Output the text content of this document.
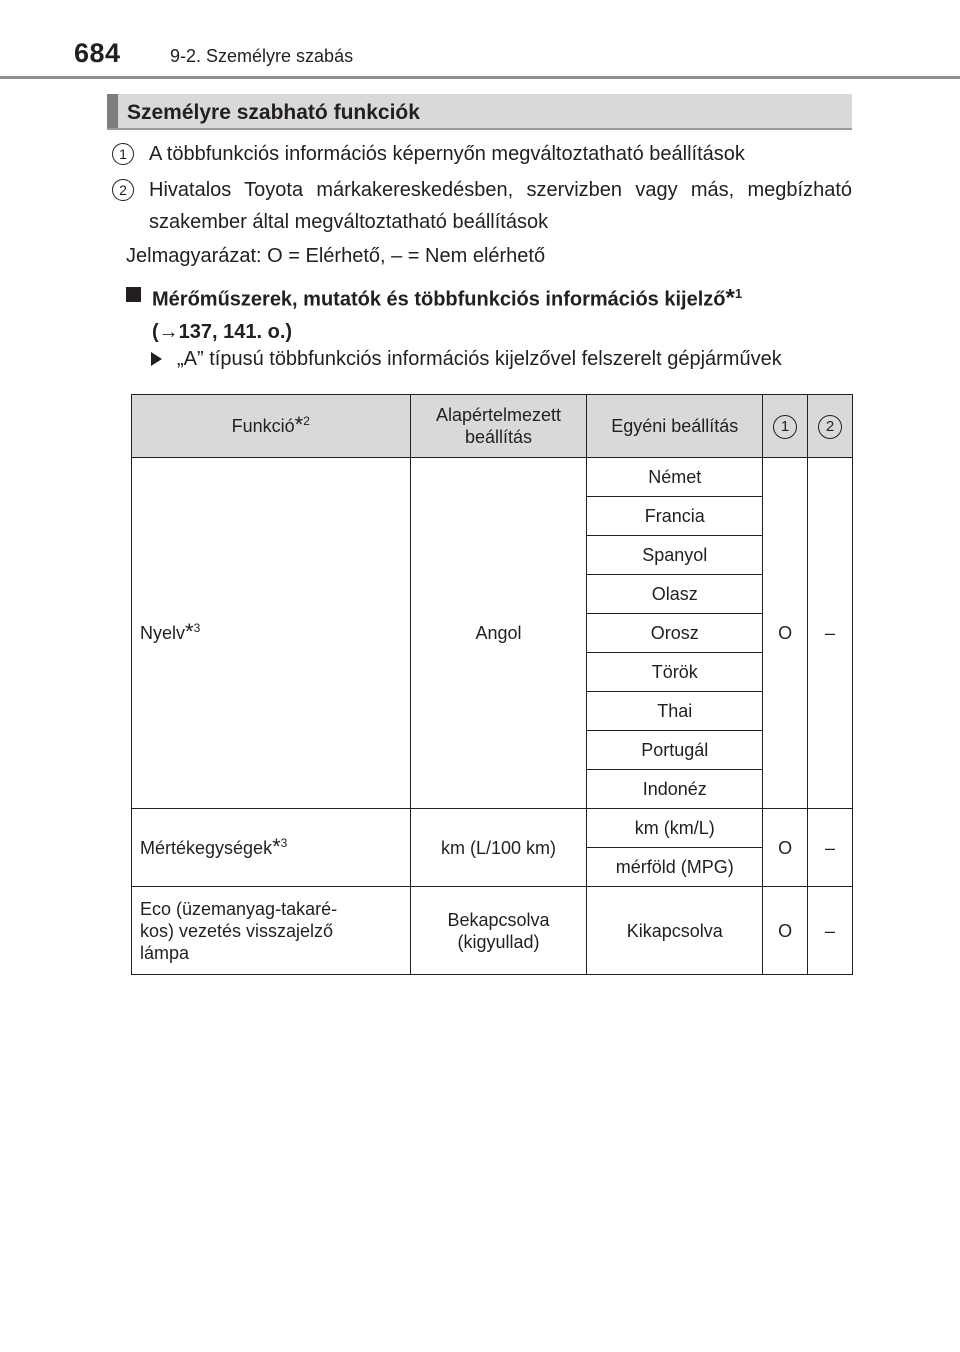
684	9-2. Személyre szabás
Személyre szabható funkciók
1	A többfunkciós információs képernyőn megváltoztatható beállítások
2	Hivatalos Toyota márkakereskedésben, szervizben vagy más, megbízható szakember által megváltoztatható beállítások
Jelmagyarázat: O = Elérhető, – = Nem elérhető
Mérőműszerek, mutatók és többfunkciós információs kijelző*$^1$
(→137, 141. o.)
„A” típusú többfunkciós információs kijelzővel felszerelt gépjárművek
Funkció*$^2$	Alapértelmezett beállítás	Egyéni beállítás	1	2
Nyelv*$^3$	Angol	Német	O	–
		Francia		
		Spanyol		
		Olasz		
		Orosz		
		Török		
		Thai		
		Portugál		
		Indonéz		
Mértékegységek*$^3$	km (L/100 km)	km (km/L)	O	–
		mérföld (MPG)		
Eco (üzemanyag-takaré-kos) vezetés visszajelző lámpa	Bekapcsolva (kigyullad)	Kikapcsolva	O	–
